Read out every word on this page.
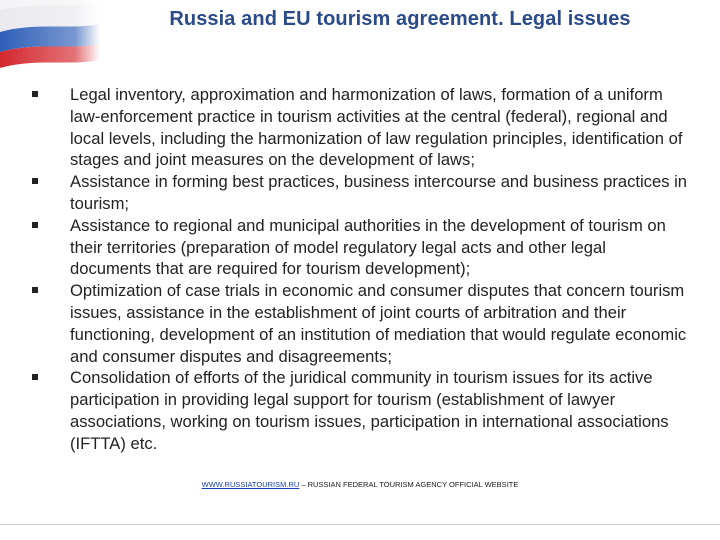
Russia and EU tourism agreement. Legal issues
Legal inventory, approximation and harmonization of laws, formation of a uniform law-enforcement practice in tourism activities at the central (federal), regional and local levels, including the harmonization of law regulation principles, identification of stages and joint measures on the development of laws;
Assistance in forming best practices, business intercourse and business practices in tourism;
Assistance to regional and municipal authorities in the development of tourism on their territories (preparation of model regulatory legal acts and other legal documents that are required for tourism development);
Optimization of case trials in economic and consumer disputes that concern tourism issues, assistance in the establishment of joint courts of arbitration and their functioning, development of an institution of mediation that would regulate economic and consumer disputes and disagreements;
Consolidation of efforts of the juridical community in tourism issues for its active participation in providing legal support for tourism (establishment of lawyer associations, working on tourism issues, participation in international associations (IFTTA) etc.
WWW.RUSSIATOURISM.RU – RUSSIAN FEDERAL TOURISM AGENCY OFFICIAL WEBSITE
